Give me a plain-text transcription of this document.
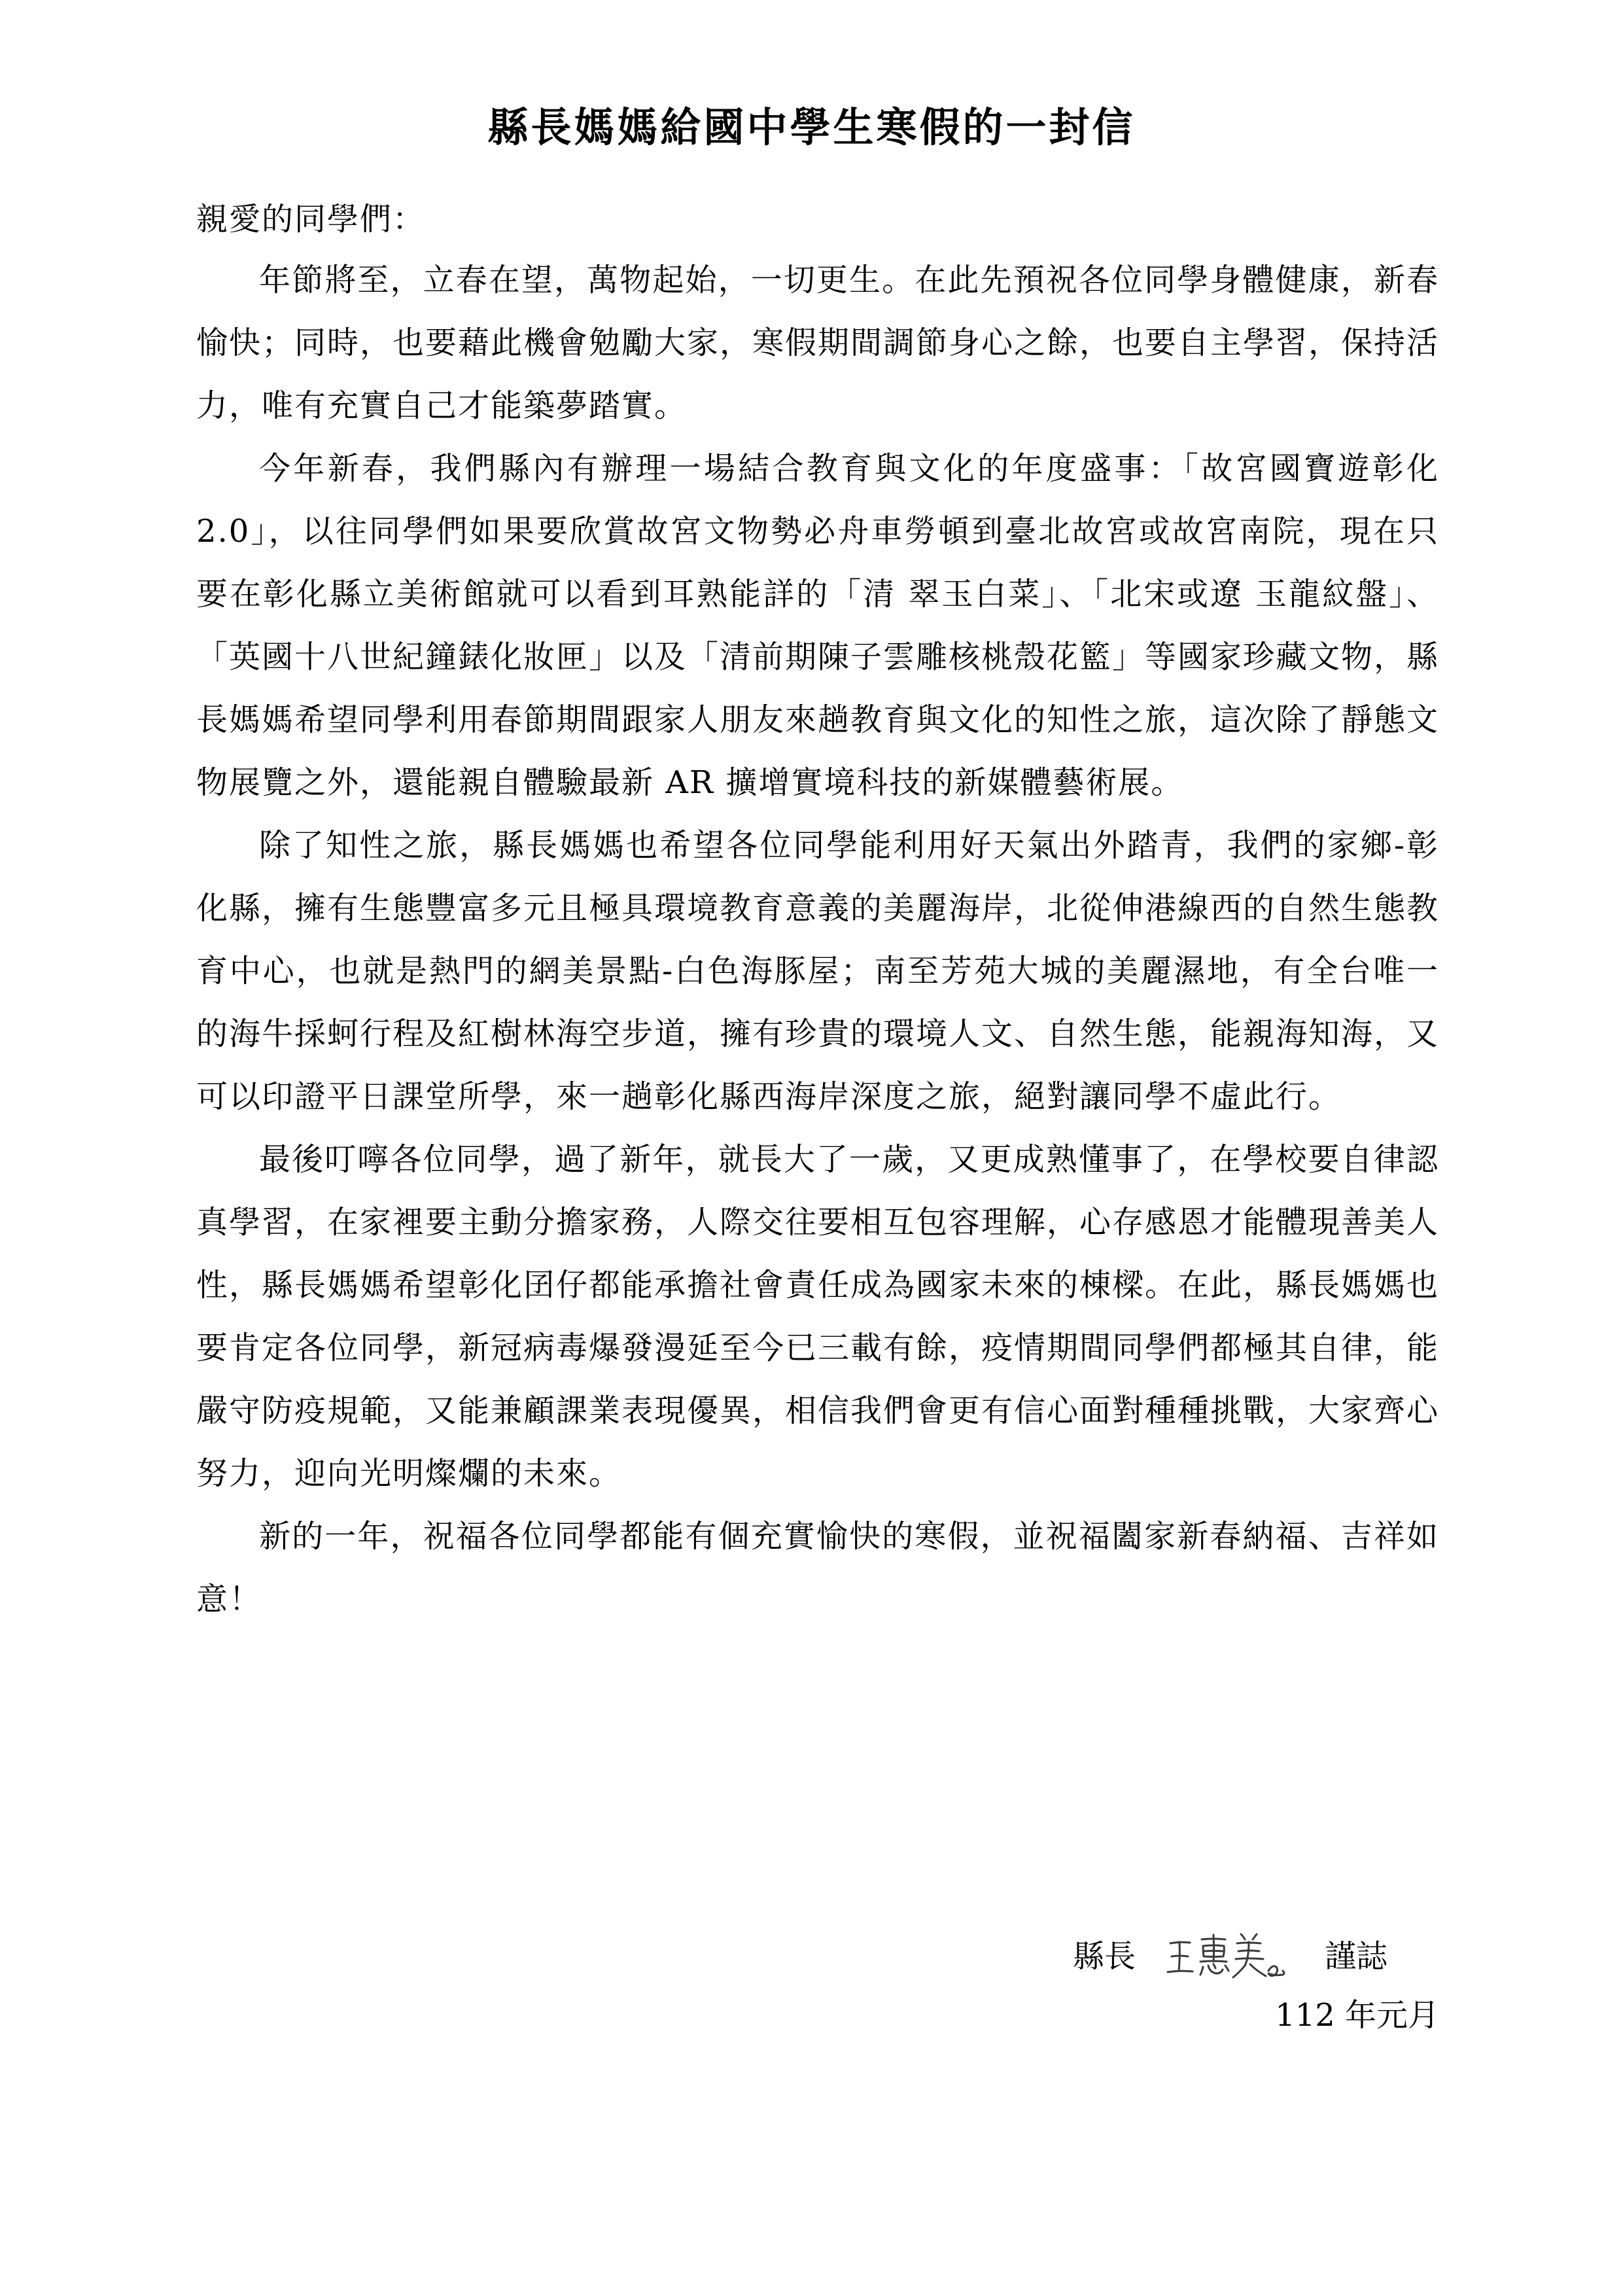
縣長媽媽給國中學生寒假的一封信
親愛的同學們：

年節將至，立春在望，萬物起始，一切更生。在此先預祝各位同學身體健康，新春愉快；同時，也要藉此機會勉勵大家，寒假期間調節身心之餘，也要自主學習，保持活力，唯有充實自己才能築夢踏實。

今年新春，我們縣內有辦理一場結合教育與文化的年度盛事：「故宮國寶遊彰化 2.0」，以往同學們如果要欣賞故宮文物勢必舟車勞頓到臺北故宮或故宮南院，現在只要在彰化縣立美術館就可以看到耳熟能詳的「清 翠玉白菜」、「北宋或遼 玉龍紋盤」、「英國十八世紀鐘錶化妝匣」以及「清前期陳子雲雕核桃殼花籃」等國家珍藏文物，縣長媽媽希望同學利用春節期間跟家人朋友來趟教育與文化的知性之旅，這次除了靜態文物展覽之外，還能親自體驗最新 AR 擴增實境科技的新媒體藝術展。

除了知性之旅，縣長媽媽也希望各位同學能利用好天氣出外踏青，我們的家鄉-彰化縣，擁有生態豐富多元且極具環境教育意義的美麗海岸，北從伸港線西的自然生態教育中心，也就是熱門的網美景點-白色海豚屋；南至芳苑大城的美麗濕地，有全台唯一的海牛採蚵行程及紅樹林海空步道，擁有珍貴的環境人文、自然生態，能親海知海，又可以印證平日課堂所學，來一趟彰化縣西海岸深度之旅，絕對讓同學不虛此行。

最後叮嚀各位同學，過了新年，就長大了一歲，又更成熟懂事了，在學校要自律認真學習，在家裡要主動分擔家務，人際交往要相互包容理解，心存感恩才能體現善美人性，縣長媽媽希望彰化囝仔都能承擔社會責任成為國家未來的棟樑。在此，縣長媽媽也要肯定各位同學，新冠病毒爆發漫延至今已三載有餘，疫情期間同學們都極其自律，能嚴守防疫規範，又能兼顧課業表現優異，相信我們會更有信心面對種種挑戰，大家齊心努力，迎向光明燦爛的未來。

新的一年，祝福各位同學都能有個充實愉快的寒假，並祝福闔家新春納福、吉祥如意！

縣長	謹誌
112 年元月
